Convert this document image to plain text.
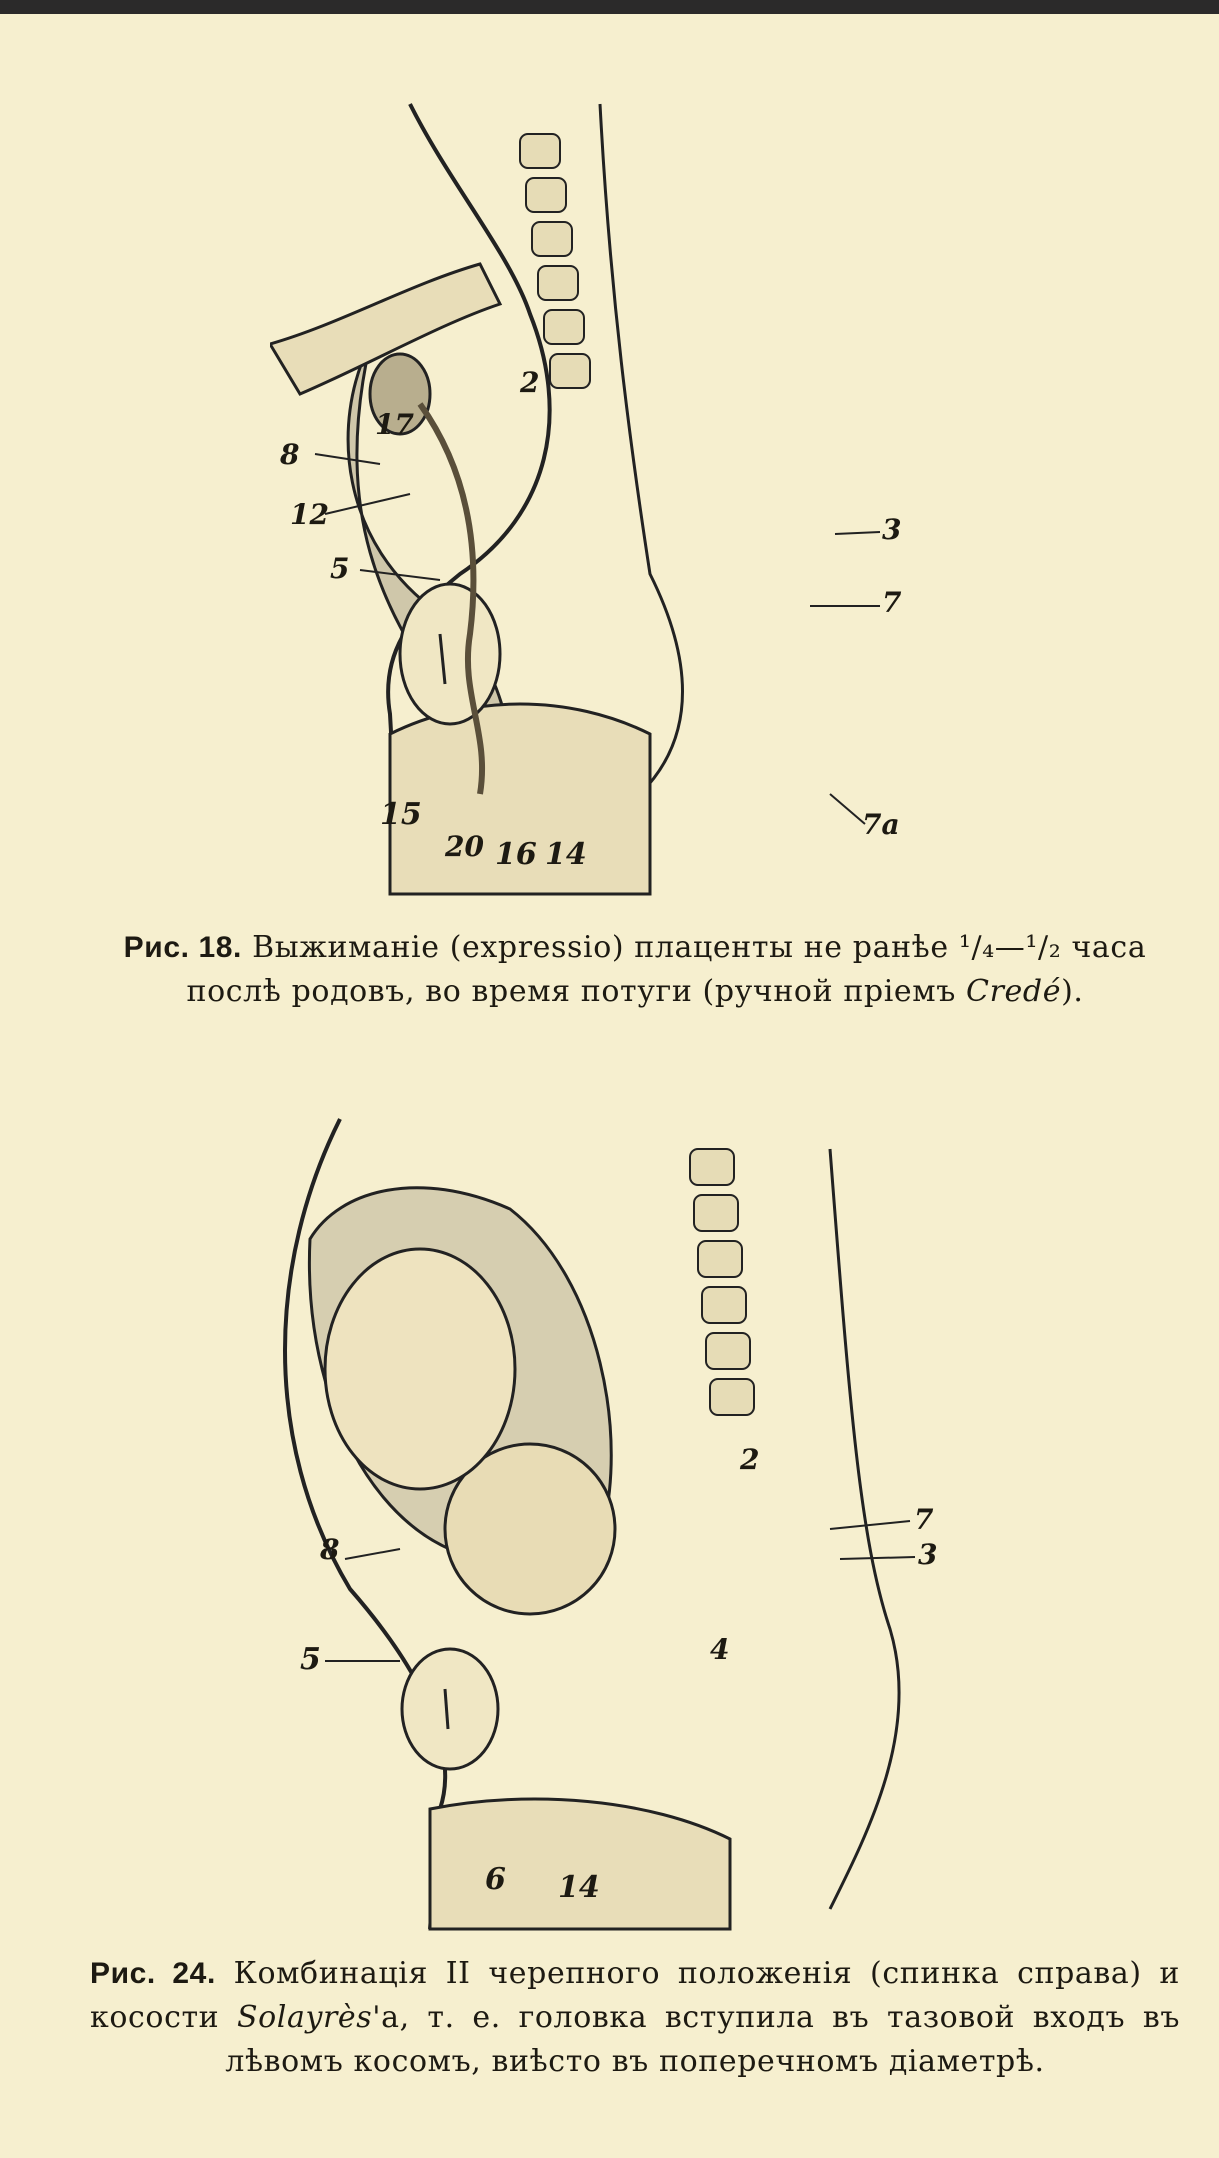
17
2
8
12	3
5
7
15
20 16 14
7a
Рис. 18. Выжиманіе (expressio) плаценты не ранѣе ¹/₄—¹/₂ часа послѣ родовъ, во время потуги (ручной пріемъ Credé).
2
7
8	3
5	4
6 14
Рис. 24. Комбинація II черепного положенія (спинка справа) и косости Solayrès'а, т. е. головка вступила въ тазовой входъ въ лѣвомъ косомъ, виѣсто въ поперечномъ діаметрѣ.
